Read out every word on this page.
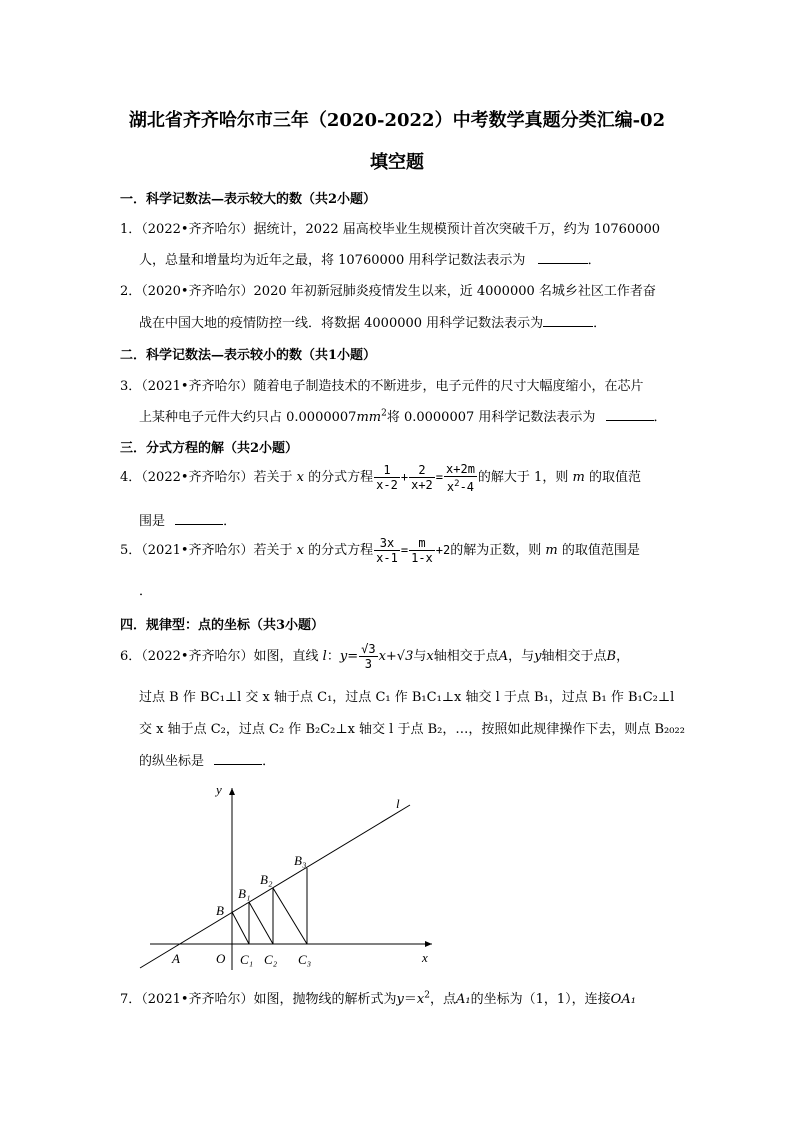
湖北省齐齐哈尔市三年（2020-2022）中考数学真题分类汇编-02
填空题
一．科学记数法—表示较大的数（共2小题）
1．（2022•齐齐哈尔）据统计，2022 届高校毕业生规模预计首次突破千万，约为 10760000
人，总量和增量均为近年之最，将 10760000 用科学记数法表示为	．
2．（2020•齐齐哈尔）2020 年初新冠肺炎疫情发生以来，近 4000000 名城乡社区工作者奋
战在中国大地的疫情防控一线．将数据 4000000 用科学记数法表示为	．
二．科学记数法—表示较小的数（共1小题）
3．（2021•齐齐哈尔）随着电子制造技术的不断进步，电子元件的尺寸大幅度缩小，在芯片
上某种电子元件大约只占 $0.0000007mm^2$将 0.0000007 用科学记数法表示为	．
三．分式方程的解（共2小题）
4．（2022•齐齐哈尔）若关于 x 的分式方程 $\frac{1}{x-2} + \frac{2}{x+2} = \frac{x+2m}{x^2-4}$ 的解大于 1，则 m 的取值范
围是	．
5．（2021•齐齐哈尔）若关于 x 的分式方程 $\frac{3x}{x-1} = \frac{m}{1-x} +2$的解为正数，则 m 的取值范围是
．
四．规律型：点的坐标（共3小题）
6．（2022•齐齐哈尔）如图，直线 l：$y= \frac{√3}{3} x+√3$与x轴相交于点A，与y轴相交于点B，
过点 B 作 BC₁⊥l 交 x 轴于点 C₁，过点 C₁ 作 B₁C₁⊥x 轴交 l 于点 B₁，过点 B₁ 作 B₁C₂⊥l
交 x 轴于点 C₂，过点 C₂ 作 B₂C₂⊥x 轴交 l 于点 B₂，…，按照如此规律操作下去，则点 B₂₀₂₂
的纵坐标是	．
y
x
l
A	O
B
B₁
B₂
B₃
C₁ C₂ C₃
7．（2021•齐齐哈尔）如图，抛物线的解析式为$y=x^2$，点A₁的坐标为（1，1），连接OA₁
